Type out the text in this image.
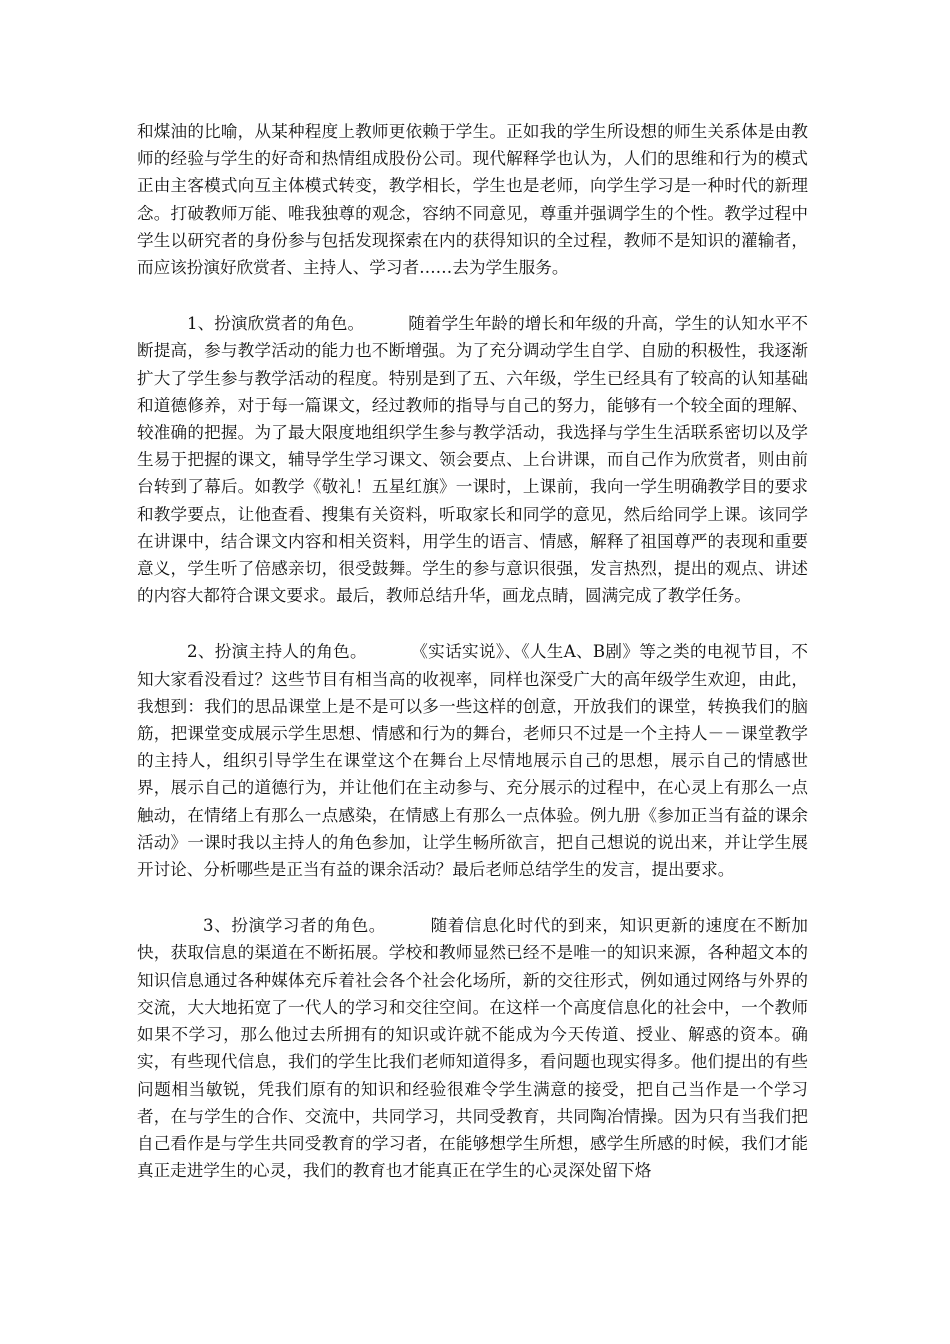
和煤油的比喻，从某种程度上教师更依赖于学生。正如我的学生所设想的师生关系体是由教师的经验与学生的好奇和热情组成股份公司。现代解释学也认为，人们的思维和行为的模式正由主客模式向互主体模式转变，教学相长，学生也是老师，向学生学习是一种时代的新理念。打破教师万能、唯我独尊的观念，容纳不同意见，尊重并强调学生的个性。教学过程中学生以研究者的身份参与包括发现探索在内的获得知识的全过程，教师不是知识的灌输者，而应该扮演好欣赏者、主持人、学习者……去为学生服务。

1、扮演欣赏者的角色。	随着学生年龄的增长和年级的升高，学生的认知水平不断提高，参与教学活动的能力也不断增强。为了充分调动学生自学、自励的积极性，我逐渐扩大了学生参与教学活动的程度。特别是到了五、六年级，学生已经具有了较高的认知基础和道德修养，对于每一篇课文，经过教师的指导与自己的努力，能够有一个较全面的理解、较准确的把握。为了最大限度地组织学生参与教学活动，我选择与学生生活联系密切以及学生易于把握的课文，辅导学生学习课文、领会要点、上台讲课，而自己作为欣赏者，则由前台转到了幕后。如教学《敬礼！五星红旗》一课时，上课前，我向一学生明确教学目的要求和教学要点，让他查看、搜集有关资料，听取家长和同学的意见，然后给同学上课。该同学在讲课中，结合课文内容和相关资料，用学生的语言、情感，解释了祖国尊严的表现和重要意义，学生听了倍感亲切，很受鼓舞。学生的参与意识很强，发言热烈，提出的观点、讲述的内容大都符合课文要求。最后，教师总结升华，画龙点睛，圆满完成了教学任务。

2、扮演主持人的角色。	《实话实说》、《人生A、B剧》等之类的电视节目，不知大家看没看过？这些节目有相当高的收视率，同样也深受广大的高年级学生欢迎，由此，我想到：我们的思品课堂上是不是可以多一些这样的创意，开放我们的课堂，转换我们的脑筋，把课堂变成展示学生思想、情感和行为的舞台，老师只不过是一个主持人－－课堂教学的主持人，组织引导学生在课堂这个在舞台上尽情地展示自己的思想，展示自己的情感世界，展示自己的道德行为，并让他们在主动参与、充分展示的过程中，在心灵上有那么一点触动，在情绪上有那么一点感染，在情感上有那么一点体验。例九册《参加正当有益的课余活动》一课时我以主持人的角色参加，让学生畅所欲言，把自己想说的说出来，并让学生展开讨论、分析哪些是正当有益的课余活动？最后老师总结学生的发言，提出要求。

3、扮演学习者的角色。	随着信息化时代的到来，知识更新的速度在不断加快，获取信息的渠道在不断拓展。学校和教师显然已经不是唯一的知识来源，各种超文本的知识信息通过各种媒体充斥着社会各个社会化场所，新的交往形式，例如通过网络与外界的交流，大大地拓宽了一代人的学习和交往空间。在这样一个高度信息化的社会中，一个教师如果不学习，那么他过去所拥有的知识或许就不能成为今天传道、授业、解惑的资本。确实，有些现代信息，我们的学生比我们老师知道得多，看问题也现实得多。他们提出的有些问题相当敏锐，凭我们原有的知识和经验很难令学生满意的接受，把自己当作是一个学习者，在与学生的合作、交流中，共同学习，共同受教育，共同陶冶情操。因为只有当我们把自己看作是与学生共同受教育的学习者，在能够想学生所想，感学生所感的时候，我们才能真正走进学生的心灵，我们的教育也才能真正在学生的心灵深处留下烙
